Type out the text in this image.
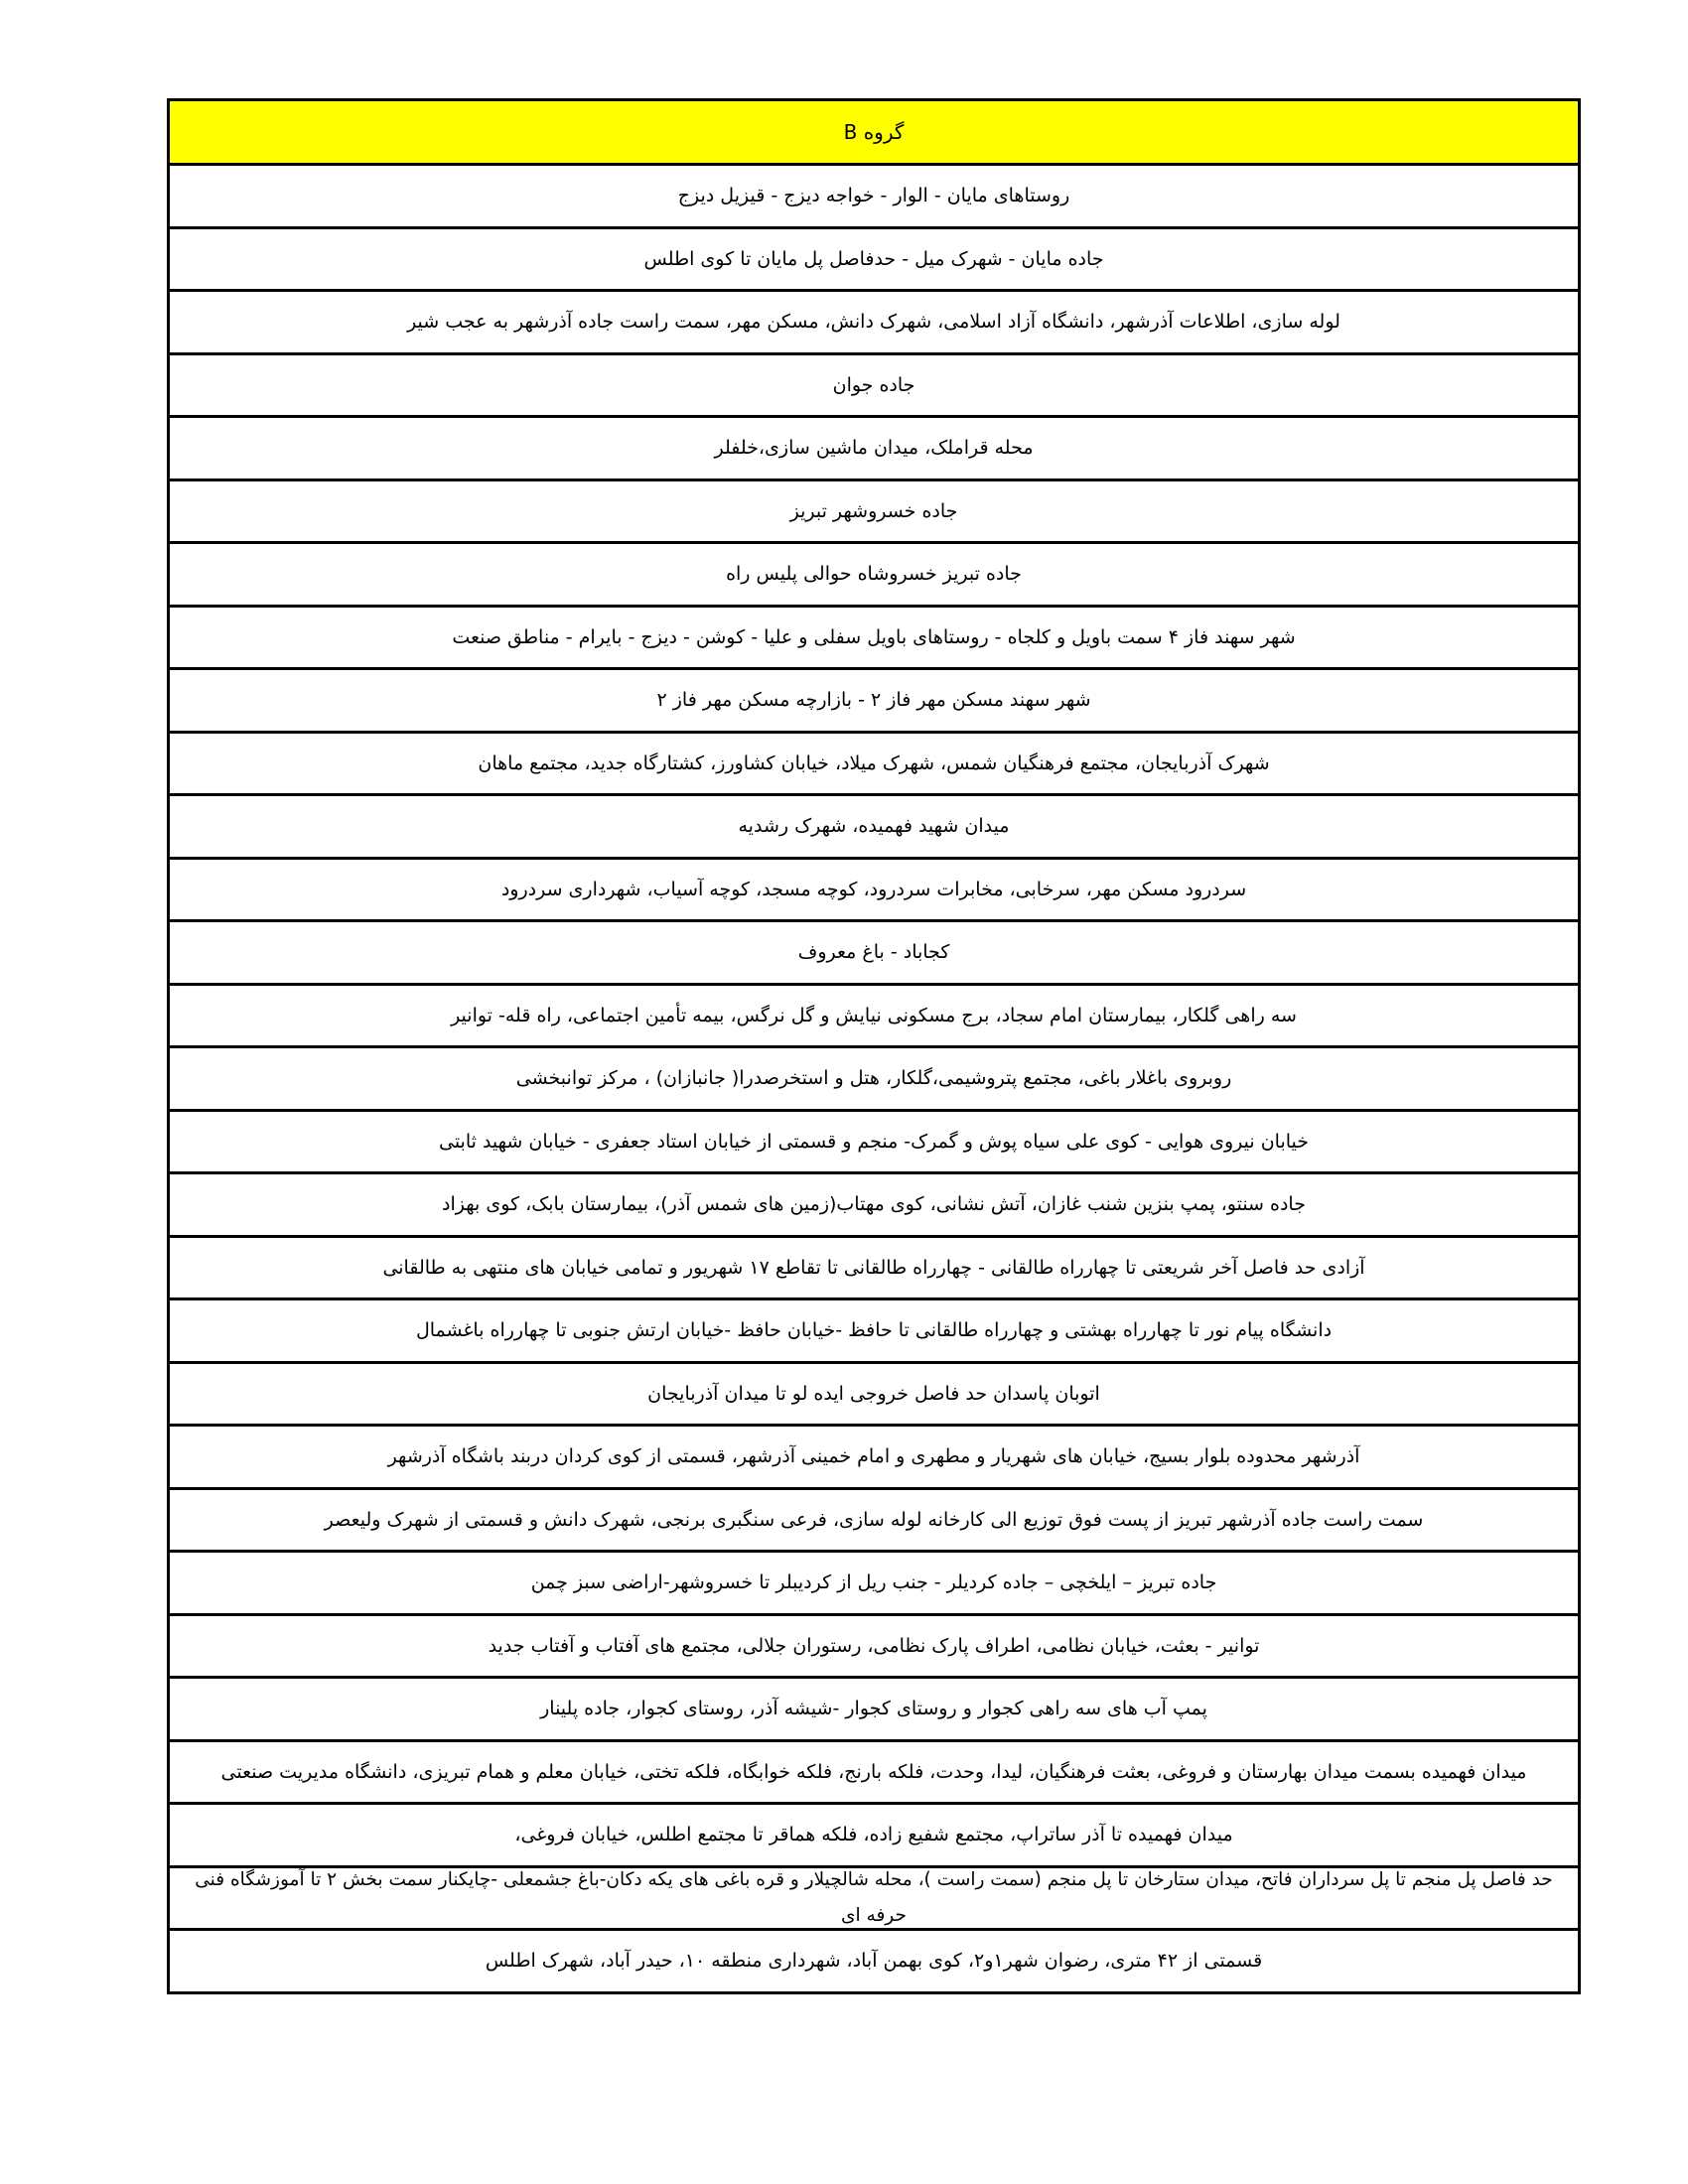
گروه B
روستاهای مایان - الوار - خواجه دیزج - قیزیل دیزج
جاده مایان - شهرک میل - حدفاصل پل مایان تا کوی اطلس
لوله سازی، اطلاعات آذرشهر، دانشگاه آزاد اسلامی، شهرک دانش، مسکن مهر، سمت راست جاده آذرشهر به عجب شیر
جاده جوان
محله قراملک، میدان ماشین سازی،خلفلر
جاده خسروشهر تبریز
جاده تبریز خسروشاه حوالی پلیس راه
شهر سهند فاز ۴ سمت باویل و کلجاه - روستاهای باویل سفلی و علیا - کوشن - دیزج - بایرام - مناطق صنعت
شهر سهند مسکن مهر فاز ۲ - بازارچه مسکن مهر فاز ۲
شهرک آذربایجان، مجتمع فرهنگیان شمس، شهرک میلاد، خیابان کشاورز، کشتارگاه جدید، مجتمع ماهان
میدان شهید فهمیده، شهرک رشدیه
سردرود مسکن مهر، سرخابی، مخابرات سردرود، کوچه مسجد، کوچه آسیاب، شهرداری سردرود
کجاباد - باغ معروف
سه راهی گلکار، بیمارستان امام سجاد، برج مسکونی نیایش و گل نرگس، بیمه تأمین اجتماعی، راه قله- توانیر
روبروی باغلار باغی، مجتمع پتروشیمی،گلکار، هتل و استخرصدرا( جانبازان) ، مرکز توانبخشی
خیابان نیروی هوایی - کوی علی سیاه پوش و گمرک- منجم و قسمتی از خیابان استاد جعفری - خیابان شهید ثابتی
جاده سنتو، پمپ بنزین شنب غازان، آتش نشانی، کوی مهتاب(زمین های شمس آذر)، بیمارستان بابک، کوی بهزاد
آزادی حد فاصل آخر شریعتی تا چهارراه طالقانی - چهارراه طالقانی تا تقاطع ۱۷ شهریور و تمامی خیابان های منتهی به طالقانی
دانشگاه پیام نور تا چهارراه بهشتی و چهارراه طالقانی تا حافظ -خیابان حافظ -خیابان ارتش جنوبی تا چهارراه باغشمال
اتوبان پاسدان حد فاصل خروجی ایده لو تا میدان آذربایجان
آذرشهر محدوده بلوار بسیج، خیابان های شهریار و مطهری و امام خمینی آذرشهر، قسمتی از کوی کردان دربند باشگاه آذرشهر
سمت راست جاده آذرشهر تبریز از پست فوق توزیع الی کارخانه لوله سازی، فرعی سنگبری برنجی، شهرک دانش و قسمتی از شهرک ولیعصر
جاده تبریز – ایلخچی – جاده کردیلر - جنب ریل از کردیبلر تا خسروشهر-اراضی سبز چمن
توانیر - بعثت، خیابان نظامی، اطراف پارک نظامی، رستوران جلالی، مجتمع های آفتاب و آفتاب جدید
پمپ آب های سه راهی کجوار و روستای کجوار -شیشه آذر، روستای کجوار، جاده پلینار
میدان فهمیده بسمت میدان بهارستان و فروغی، بعثت فرهنگیان، لیدا، وحدت، فلکه بارنج، فلکه خوابگاه، فلکه تختی، خیابان معلم و همام تبریزی، دانشگاه مدیریت صنعتی
میدان فهمیده تا آذر ساتراپ، مجتمع شفیع زاده، فلکه هماقر تا مجتمع اطلس، خیابان فروغی،
حد فاصل پل منجم تا پل سرداران فاتح، میدان ستارخان تا پل منجم (سمت راست )، محله شالچیلار و قره باغی های یکه دکان-باغ جشمعلی -چایکنار سمت بخش ۲ تا آموزشگاه فنی حرفه ای
قسمتی از ۴۲ متری، رضوان شهر۱و۲، کوی بهمن آباد، شهرداری منطقه ۱۰، حیدر آباد، شهرک اطلس
